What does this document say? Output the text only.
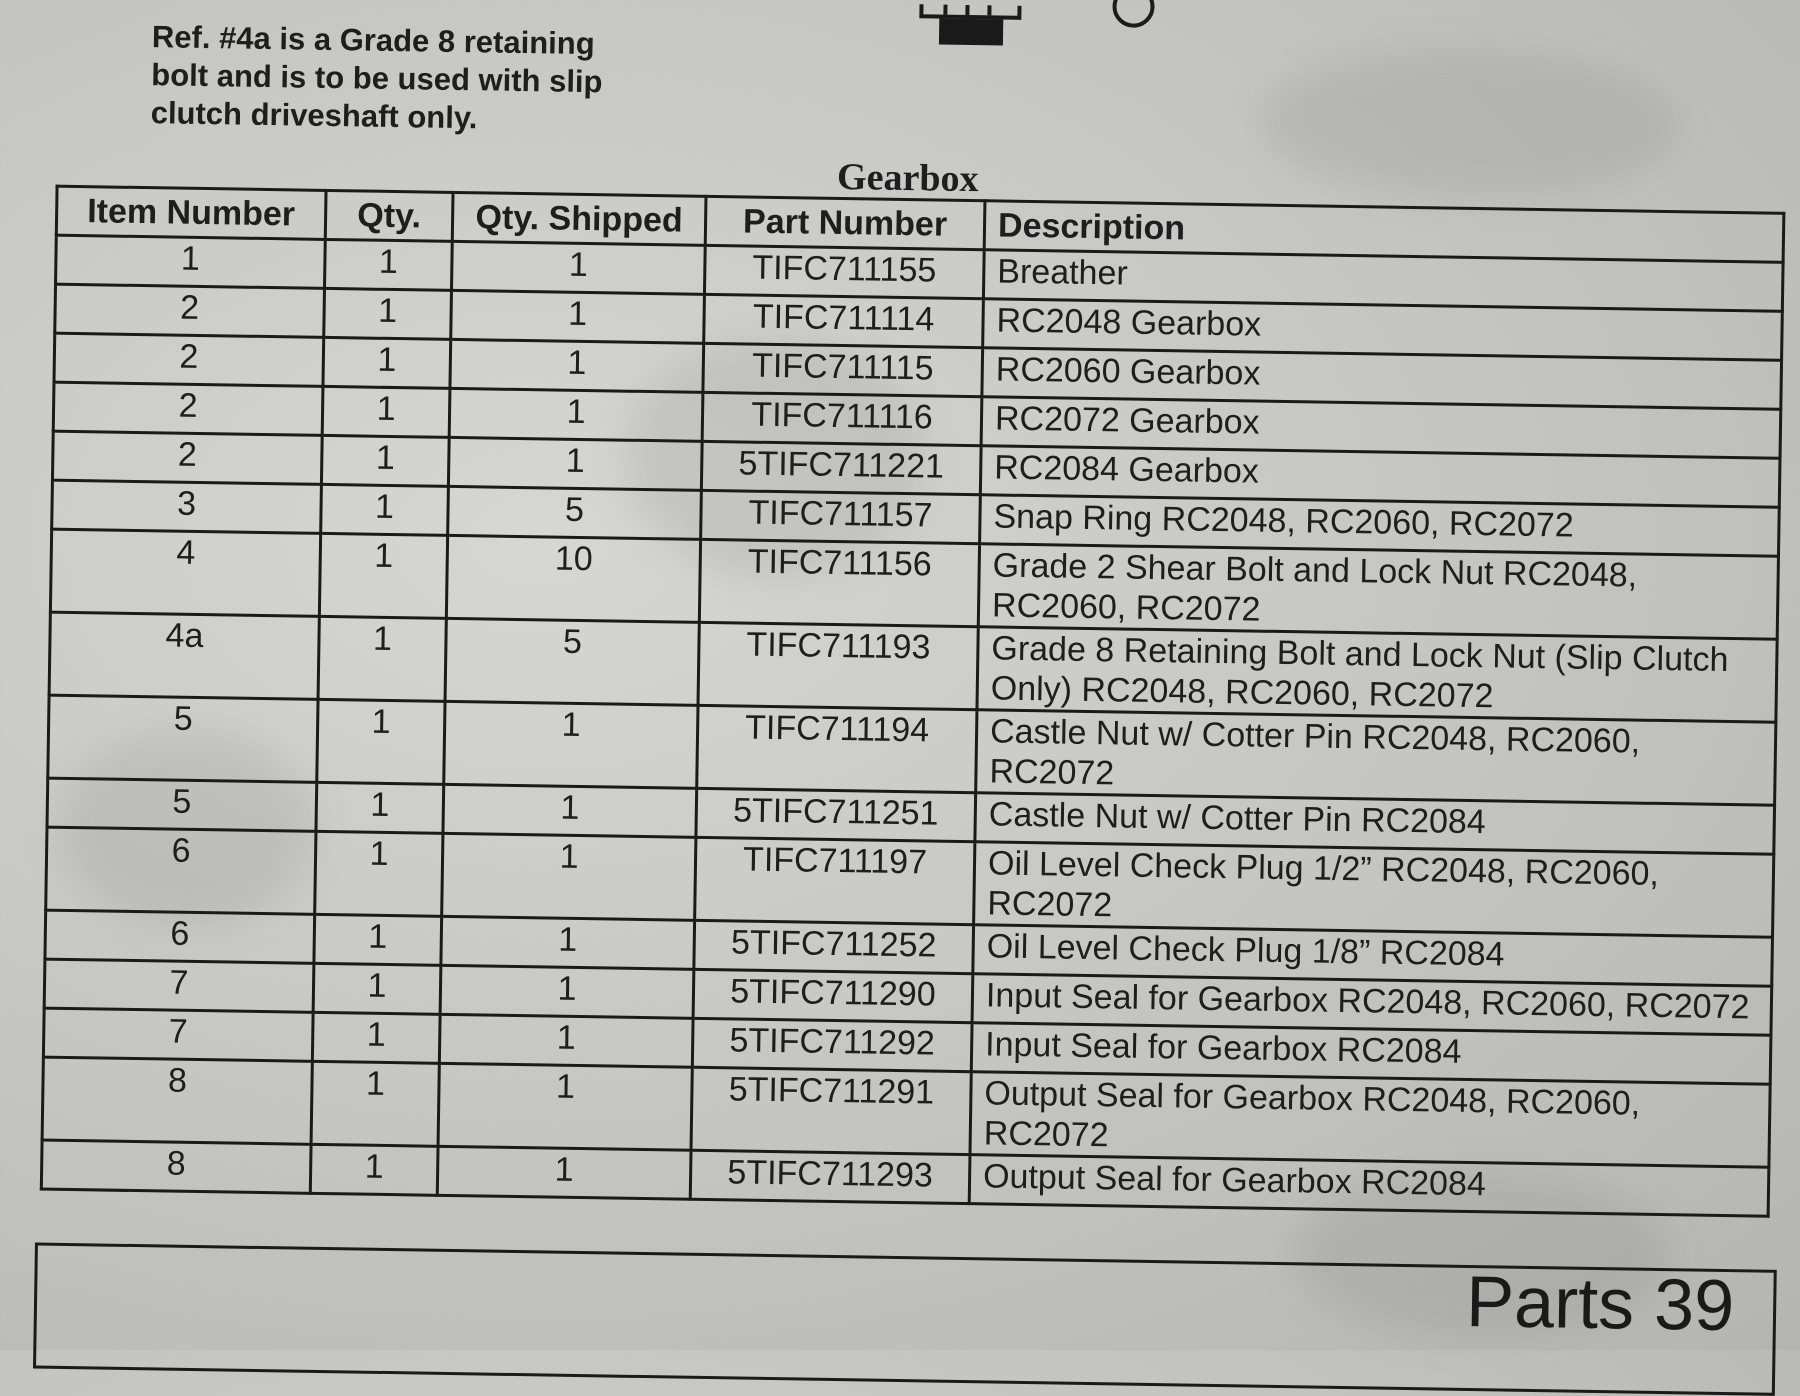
Ref. #4a is a Grade 8 retaining
bolt and is to be used with slip
clutch driveshaft only.

Gearbox
Item Number	Qty.	Qty. Shipped	Part Number	Description
1	1	1	TIFC711155	Breather
2	1	1	TIFC711114	RC2048 Gearbox
2	1	1	TIFC711115	RC2060 Gearbox
2	1	1	TIFC711116	RC2072 Gearbox
2	1	1	5TIFC711221	RC2084 Gearbox
3	1	5	TIFC711157	Snap Ring RC2048, RC2060, RC2072
4	1	10	TIFC711156	Grade 2 Shear Bolt and Lock Nut RC2048, RC2060, RC2072
4a	1	5	TIFC711193	Grade 8 Retaining Bolt and Lock Nut (Slip Clutch Only) RC2048, RC2060, RC2072
5	1	1	TIFC711194	Castle Nut w/ Cotter Pin RC2048, RC2060, RC2072
5	1	1	5TIFC711251	Castle Nut w/ Cotter Pin RC2084
6	1	1	TIFC711197	Oil Level Check Plug 1/2” RC2048, RC2060, RC2072
6	1	1	5TIFC711252	Oil Level Check Plug 1/8” RC2084
7	1	1	5TIFC711290	Input Seal for Gearbox RC2048, RC2060, RC2072
7	1	1	5TIFC711292	Input Seal for Gearbox RC2084
8	1	1	5TIFC711291	Output Seal for Gearbox RC2048, RC2060, RC2072
8	1	1	5TIFC711293	Output Seal for Gearbox RC2084

Parts 39
